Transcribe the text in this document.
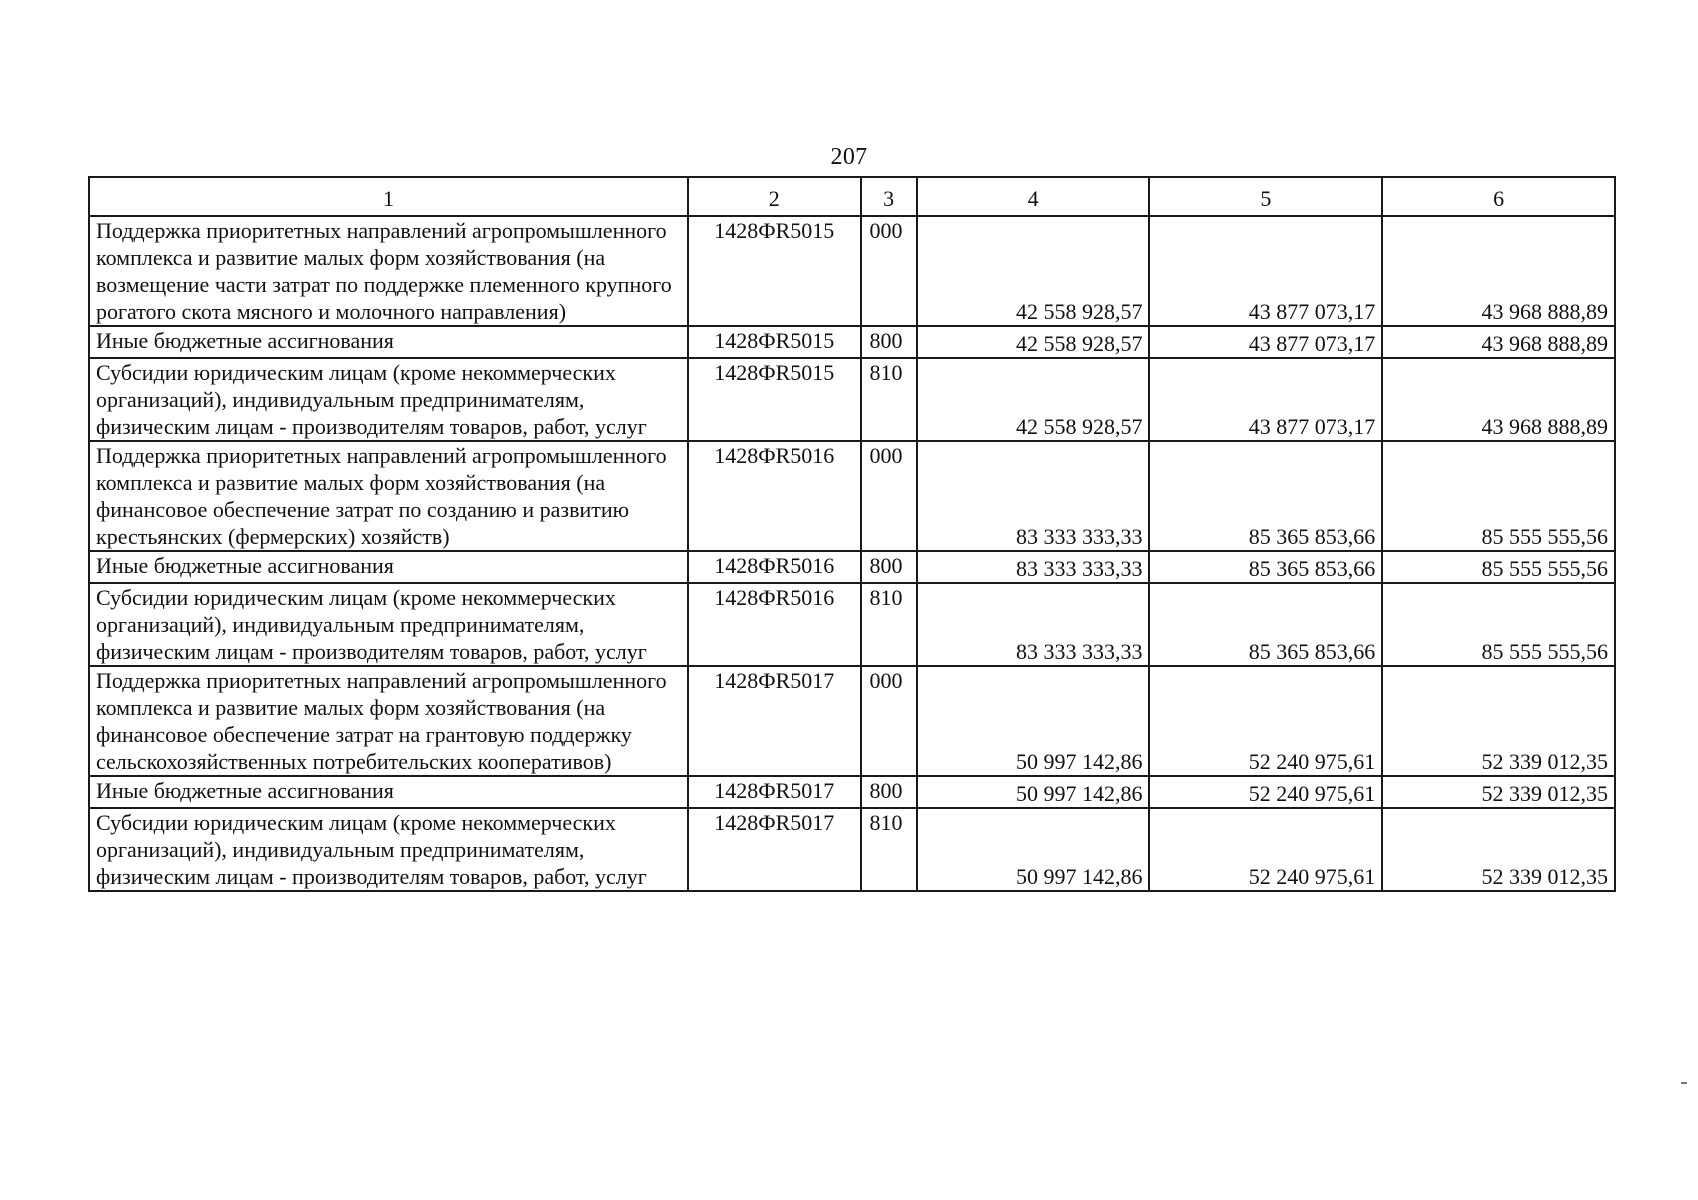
207
1	2	3	4	5	6
Поддержка приоритетных направлений агропромышленного комплекса и развитие малых форм хозяйствования (на возмещение части затрат по поддержке племенного крупного рогатого скота мясного и молочного направления)	1428ФR5015	000	42 558 928,57	43 877 073,17	43 968 888,89
Иные бюджетные ассигнования	1428ФR5015	800	42 558 928,57	43 877 073,17	43 968 888,89
Субсидии юридическим лицам (кроме некоммерческих организаций), индивидуальным предпринимателям, физическим лицам - производителям товаров, работ, услуг	1428ФR5015	810	42 558 928,57	43 877 073,17	43 968 888,89
Поддержка приоритетных направлений агропромышленного комплекса и развитие малых форм хозяйствования (на финансовое обеспечение затрат по созданию и развитию крестьянских (фермерских) хозяйств)	1428ФR5016	000	83 333 333,33	85 365 853,66	85 555 555,56
Иные бюджетные ассигнования	1428ФR5016	800	83 333 333,33	85 365 853,66	85 555 555,56
Субсидии юридическим лицам (кроме некоммерческих организаций), индивидуальным предпринимателям, физическим лицам - производителям товаров, работ, услуг	1428ФR5016	810	83 333 333,33	85 365 853,66	85 555 555,56
Поддержка приоритетных направлений агропромышленного комплекса и развитие малых форм хозяйствования (на финансовое обеспечение затрат на грантовую поддержку сельскохозяйственных потребительских кооперативов)	1428ФR5017	000	50 997 142,86	52 240 975,61	52 339 012,35
Иные бюджетные ассигнования	1428ФR5017	800	50 997 142,86	52 240 975,61	52 339 012,35
Субсидии юридическим лицам (кроме некоммерческих организаций), индивидуальным предпринимателям, физическим лицам - производителям товаров, работ, услуг	1428ФR5017	810	50 997 142,86	52 240 975,61	52 339 012,35
